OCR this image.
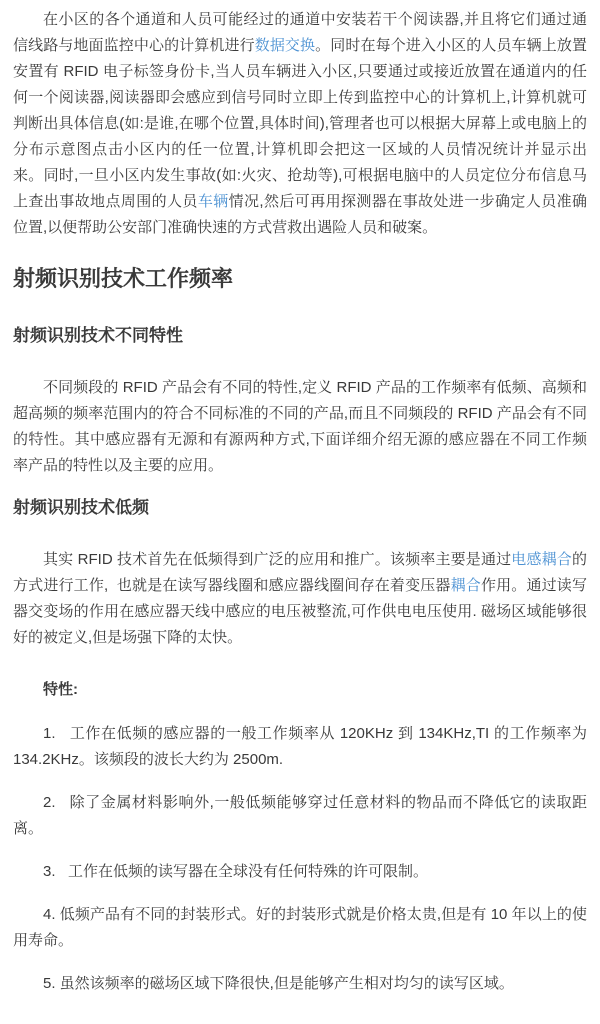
在小区的各个通道和人员可能经过的通道中安装若干个阅读器,并且将它们通过通信线路与地面监控中心的计算机进行数据交换。同时在每个进入小区的人员车辆上放置安置有 RFID 电子标签身份卡,当人员车辆进入小区,只要通过或接近放置在通道内的任何一个阅读器,阅读器即会感应到信号同时立即上传到监控中心的计算机上,计算机就可判断出具体信息(如:是谁,在哪个位置,具体时间),管理者也可以根据大屏幕上或电脑上的分布示意图点击小区内的任一位置,计算机即会把这一区域的人员情况统计并显示出来。同时,一旦小区内发生事故(如:火灾、抢劫等),可根据电脑中的人员定位分布信息马上查出事故地点周围的人员车辆情况,然后可再用探测器在事故处进一步确定人员准确位置,以便帮助公安部门准确快速的方式营救出遇险人员和破案。

射频识别技术工作频率
射频识别技术不同特性

不同频段的 RFID 产品会有不同的特性,定义 RFID 产品的工作频率有低频、高频和超高频的频率范围内的符合不同标准的不同的产品,而且不同频段的 RFID 产品会有不同的特性。其中感应器有无源和有源两种方式,下面详细介绍无源的感应器在不同工作频率产品的特性以及主要的应用。

射频识别技术低频

其实 RFID 技术首先在低频得到广泛的应用和推广。该频率主要是通过电感耦合的方式进行工作,  也就是在读写器线圈和感应器线圈间存在着变压器耦合作用。通过读写器交变场的作用在感应器天线中感应的电压被整流,可作供电电压使用. 磁场区域能够很好的被定义,但是场强下降的太快。

特性:

1.   工作在低频的感应器的一般工作频率从 120KHz 到 134KHz,TI 的工作频率为 134.2KHz。该频段的波长大约为 2500m.

2.   除了金属材料影响外,一般低频能够穿过任意材料的物品而不降低它的读取距离。

3.   工作在低频的读写器在全球没有任何特殊的许可限制。

4. 低频产品有不同的封装形式。好的封装形式就是价格太贵,但是有 10 年以上的使用寿命。

5. 虽然该频率的磁场区域下降很快,但是能够产生相对均匀的读写区域。
